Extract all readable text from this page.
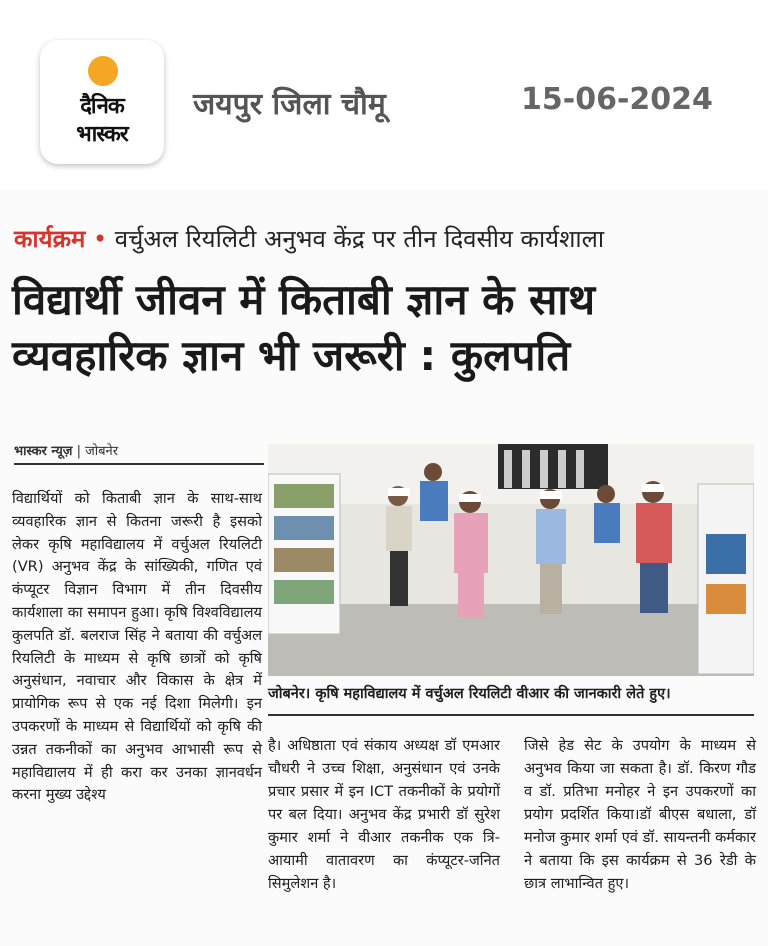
दैनिक
भास्कर
जयपुर जिला चौमू	15-06-2024
कार्यक्रम • वर्चुअल रियलिटी अनुभव केंद्र पर तीन दिवसीय कार्यशाला
विद्यार्थी जीवन में किताबी ज्ञान के साथ
व्यवहारिक ज्ञान भी जरूरी : कुलपति
भास्कर न्यूज़ | जोबनेर
विद्यार्थियों को किताबी ज्ञान के साथ-साथ व्यवहारिक ज्ञान से कितना जरूरी है इसको लेकर कृषि महाविद्यालय में वर्चुअल रियलिटी (VR) अनुभव केंद्र के सांख्यिकी, गणित एवं कंप्यूटर विज्ञान विभाग में तीन दिवसीय कार्यशाला का समापन हुआ। कृषि विश्वविद्यालय कुलपति डॉ. बलराज सिंह ने बताया की वर्चुअल रियलिटी के माध्यम से कृषि छात्रों को कृषि अनुसंधान, नवाचार और विकास के क्षेत्र में प्रायोगिक रूप से एक नई दिशा मिलेगी। इन उपकरणों के माध्यम से विद्यार्थियों को कृषि की उन्नत तकनीकों का अनुभव आभासी रूप से महाविद्यालय में ही करा कर उनका ज्ञानवर्धन करना मुख्य उद्देश्य
जोबनेर। कृषि महाविद्यालय में वर्चुअल रियलिटी वीआर की जानकारी लेते हुए।
है। अधिष्ठाता एवं संकाय अध्यक्ष डॉ एमआर चौधरी ने उच्च शिक्षा, अनुसंधान एवं उनके प्रचार प्रसार में इन ICT तकनीकों के प्रयोगों पर बल दिया। अनुभव केंद्र प्रभारी डॉ सुरेश कुमार शर्मा ने वीआर तकनीक एक त्रि-आयामी वातावरण का कंप्यूटर-जनित सिमुलेशन है।
जिसे हेड सेट के उपयोग के माध्यम से अनुभव किया जा सकता है। डॉ. किरण गौड व डॉ. प्रतिभा मनोहर ने इन उपकरणों का प्रयोग प्रदर्शित किया।डॉ बीएस बधाला, डॉ मनोज कुमार शर्मा एवं डॉ. सायन्तनी कर्मकार ने बताया कि इस कार्यक्रम से 36 रेडी के छात्र लाभान्वित हुए।
